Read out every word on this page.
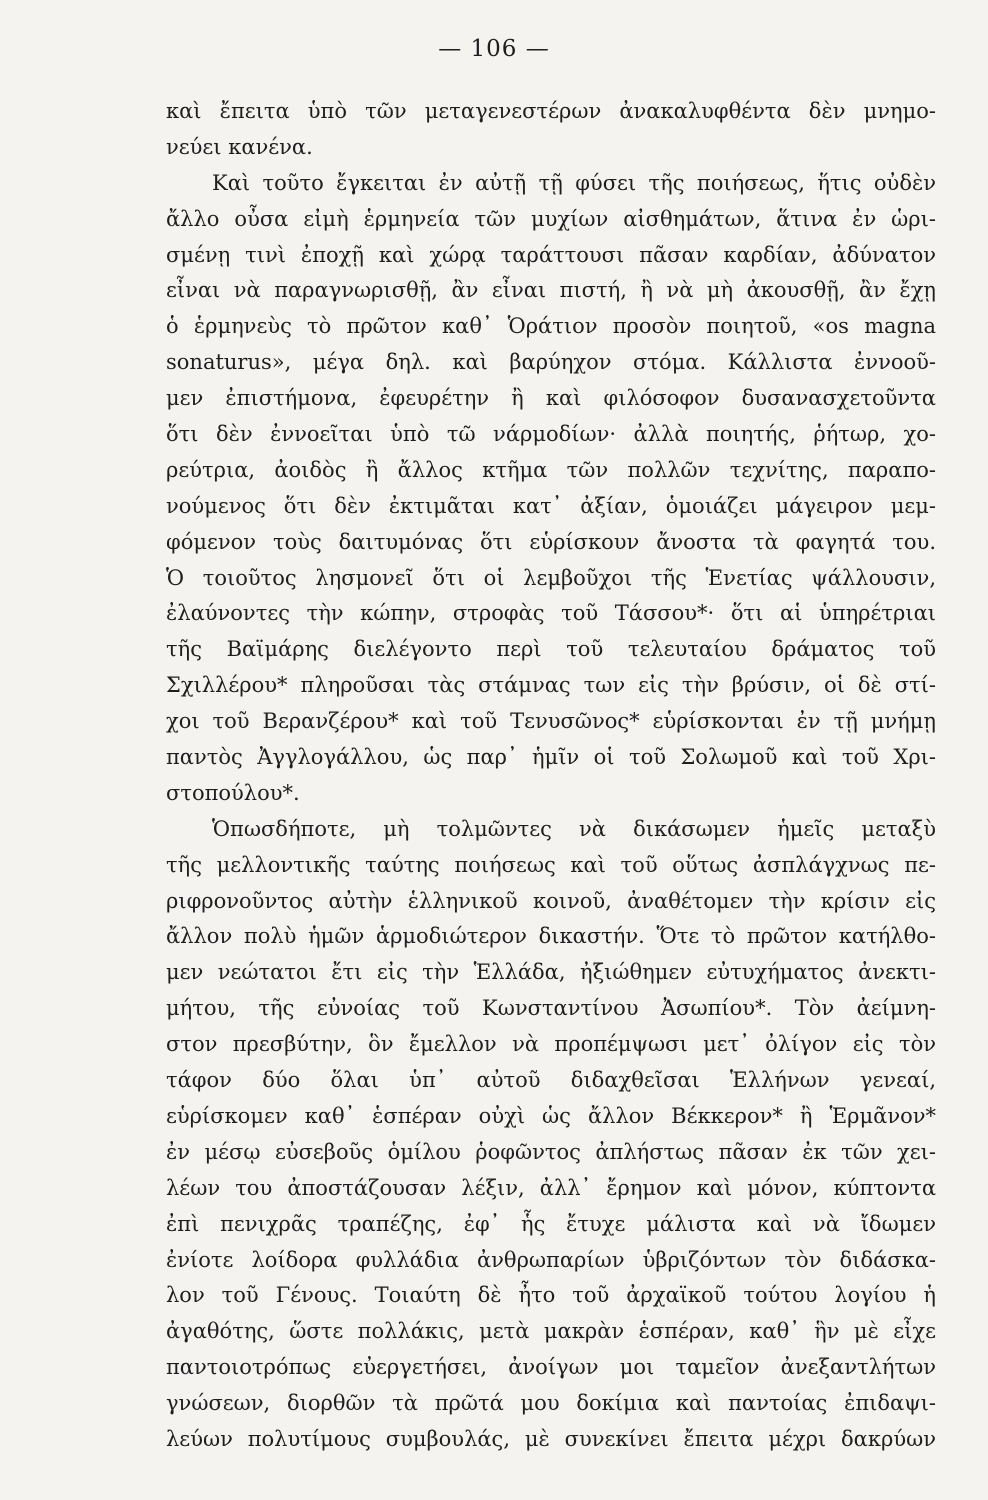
— 106 —
καὶ ἔπειτα ὑπὸ τῶν μεταγενεστέρων ἀνακαλυφθέντα δὲν μνημο-
νεύει κανένα.
Καὶ τοῦτο ἔγκειται ἐν αὐτῇ τῇ φύσει τῆς ποιήσεως, ἥτις οὐδὲν
ἄλλο οὖσα εἰμὴ ἑρμηνεία τῶν μυχίων αἰσθημάτων, ἅτινα ἐν ὡρι-
σμένῃ τινὶ ἐποχῇ καὶ χώρᾳ ταράττουσι πᾶσαν καρδίαν, ἀδύνατον
εἶναι νὰ παραγνωρισθῇ, ἂν εἶναι πιστή, ἢ νὰ μὴ ἀκουσθῇ, ἂν ἔχῃ
ὁ ἑρμηνεὺς τὸ πρῶτον καθ᾽ Ὁράτιον προσὸν ποιητοῦ, «os magna
sonaturus», μέγα δηλ. καὶ βαρύηχον στόμα. Κάλλιστα ἐννοοῦ-
μεν ἐπιστήμονα, ἐφευρέτην ἢ καὶ φιλόσοφον δυσανασχετοῦντα
ὅτι δὲν ἐννοεῖται ὑπὸ τῶ νάρμοδίων· ἀλλὰ ποιητής, ῥήτωρ, χο-
ρεύτρια, ἀοιδὸς ἢ ἄλλος κτῆμα τῶν πολλῶν τεχνίτης, παραπο-
νούμενος ὅτι δὲν ἐκτιμᾶται κατ᾽ ἀξίαν, ὁμοιάζει μάγειρον μεμ-
φόμενον τοὺς δαιτυμόνας ὅτι εὑρίσκουν ἄνοστα τὰ φαγητά του.
Ὁ τοιοῦτος λησμονεῖ ὅτι οἱ λεμβοῦχοι τῆς Ἑνετίας ψάλλουσιν,
ἐλαύνοντες τὴν κώπην, στροφὰς τοῦ Τάσσου*· ὅτι αἱ ὑπηρέτριαι
τῆς Βαϊμάρης διελέγοντο περὶ τοῦ τελευταίου δράματος τοῦ
Σχιλλέρου* πληροῦσαι τὰς στάμνας των εἰς τὴν βρύσιν, οἱ δὲ στί-
χοι τοῦ Βερανζέρου* καὶ τοῦ Τενυσῶνος* εὑρίσκονται ἐν τῇ μνήμῃ
παντὸς Ἀγγλογάλλου, ὡς παρ᾽ ἡμῖν οἱ τοῦ Σολωμοῦ καὶ τοῦ Χρι-
στοπούλου*.
Ὁπωσδήποτε, μὴ τολμῶντες νὰ δικάσωμεν ἡμεῖς μεταξὺ
τῆς μελλοντικῆς ταύτης ποιήσεως καὶ τοῦ οὕτως ἀσπλάγχνως πε-
ριφρονοῦντος αὐτὴν ἑλληνικοῦ κοινοῦ, ἀναθέτομεν τὴν κρίσιν εἰς
ἄλλον πολὺ ἡμῶν ἁρμοδιώτερον δικαστήν. Ὅτε τὸ πρῶτον κατήλθο-
μεν νεώτατοι ἔτι εἰς τὴν Ἑλλάδα, ἠξιώθημεν εὐτυχήματος ἀνεκτι-
μήτου, τῆς εὐνοίας τοῦ Κωνσταντίνου Ἀσωπίου*. Τὸν ἀείμνη-
στον πρεσβύτην, ὃν ἔμελλον νὰ προπέμψωσι μετ᾽ ὀλίγον εἰς τὸν
τάφον δύο ὅλαι ὑπ᾽ αὐτοῦ διδαχθεῖσαι Ἑλλήνων γενεαί,
εὑρίσκομεν καθ᾽ ἑσπέραν οὐχὶ ὡς ἄλλον Βέκκερον* ἢ Ἑρμᾶνον*
ἐν μέσῳ εὐσεβοῦς ὁμίλου ῥοφῶντος ἀπλήστως πᾶσαν ἐκ τῶν χει-
λέων του ἀποστάζουσαν λέξιν, ἀλλ᾽ ἔρημον καὶ μόνον, κύπτοντα
ἐπὶ πενιχρᾶς τραπέζης, ἐφ᾽ ἧς ἔτυχε μάλιστα καὶ νὰ ἴδωμεν
ἐνίοτε λοίδορα φυλλάδια ἀνθρωπαρίων ὑβριζόντων τὸν διδάσκα-
λον τοῦ Γένους. Τοιαύτη δὲ ἦτο τοῦ ἀρχαϊκοῦ τούτου λογίου ἡ
ἀγαθότης, ὥστε πολλάκις, μετὰ μακρὰν ἑσπέραν, καθ᾽ ἣν μὲ εἶχε
παντοιοτρόπως εὐεργετήσει, ἀνοίγων μοι ταμεῖον ἀνεξαντλήτων
γνώσεων, διορθῶν τὰ πρῶτά μου δοκίμια καὶ παντοίας ἐπιδαψι-
λεύων πολυτίμους συμβουλάς, μὲ συνεκίνει ἔπειτα μέχρι δακρύων
